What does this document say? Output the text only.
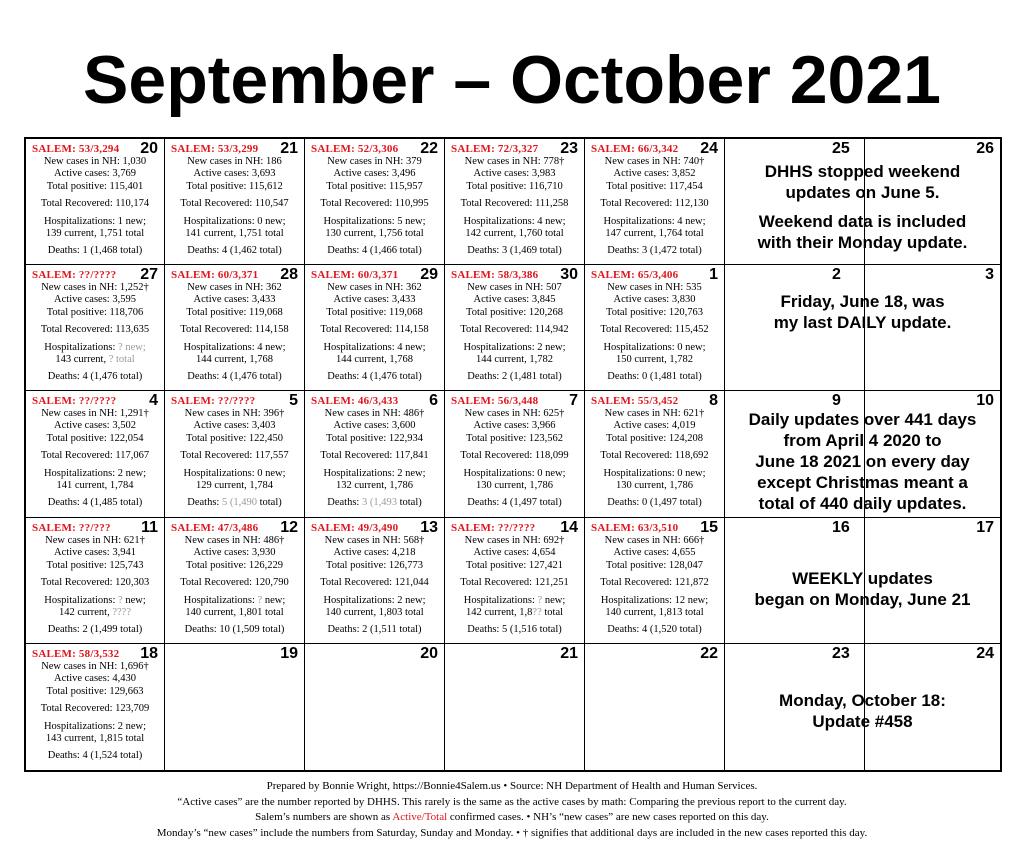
September – October 2021
SALEM: 53/3,294 20
New cases in NH: 1,030
Active cases: 3,769
Total positive: 115,401
Total Recovered: 110,174
Hospitalizations: 1 new;
139 current, 1,751 total
Deaths: 1 (1,468 total)
SALEM: 53/3,299 21
New cases in NH: 186
Active cases: 3,693
Total positive: 115,612
Total Recovered: 110,547
Hospitalizations: 0 new;
141 current, 1,751 total
Deaths: 4 (1,462 total)
SALEM: 52/3,306 22
New cases in NH: 379
Active cases: 3,496
Total positive: 115,957
Total Recovered: 110,995
Hospitalizations: 5 new;
130 current, 1,756 total
Deaths: 4 (1,466 total)
SALEM: 72/3,327 23
New cases in NH: 778†
Active cases: 3,983
Total positive: 116,710
Total Recovered: 111,258
Hospitalizations: 4 new;
142 current, 1,760 total
Deaths: 3 (1,469 total)
SALEM: 66/3,342 24
New cases in NH: 740†
Active cases: 3,852
Total positive: 117,454
Total Recovered: 112,130
Hospitalizations: 4 new;
147 current, 1,764 total
Deaths: 3 (1,472 total)
25	26
DHHS stopped weekend
updates on June 5.
Weekend data is included
with their Monday update.
SALEM: ??/???? 27
New cases in NH: 1,252†
Active cases: 3,595
Total positive: 118,706
Total Recovered: 113,635
Hospitalizations: ? new;
143 current, ? total
Deaths: 4 (1,476 total)
SALEM: 60/3,371 28
New cases in NH: 362
Active cases: 3,433
Total positive: 119,068
Total Recovered: 114,158
Hospitalizations: 4 new;
144 current, 1,768
Deaths: 4 (1,476 total)
SALEM: 60/3,371 29
New cases in NH: 362
Active cases: 3,433
Total positive: 119,068
Total Recovered: 114,158
Hospitalizations: 4 new;
144 current, 1,768
Deaths: 4 (1,476 total)
SALEM: 58/3,386 30
New cases in NH: 507
Active cases: 3,845
Total positive: 120,268
Total Recovered: 114,942
Hospitalizations: 2 new;
144 current, 1,782
Deaths: 2 (1,481 total)
SALEM: 65/3,406 1
New cases in NH: 535
Active cases: 3,830
Total positive: 120,763
Total Recovered: 115,452
Hospitalizations: 0 new;
150 current, 1,782
Deaths: 0 (1,481 total)
2	3
Friday, June 18, was
my last DAILY update.
SALEM: ??/???? 4
New cases in NH: 1,291†
Active cases: 3,502
Total positive: 122,054
Total Recovered: 117,067
Hospitalizations: 2 new;
141 current, 1,784
Deaths: 4 (1,485 total)
SALEM: ??/???? 5
New cases in NH: 396†
Active cases: 3,403
Total positive: 122,450
Total Recovered: 117,557
Hospitalizations: 0 new;
129 current, 1,784
Deaths: 5 (1,490 total)
SALEM: 46/3,433 6
New cases in NH: 486†
Active cases: 3,600
Total positive: 122,934
Total Recovered: 117,841
Hospitalizations: 2 new;
132 current, 1,786
Deaths: 3 (1,493 total)
SALEM: 56/3,448 7
New cases in NH: 625†
Active cases: 3,966
Total positive: 123,562
Total Recovered: 118,099
Hospitalizations: 0 new;
130 current, 1,786
Deaths: 4 (1,497 total)
SALEM: 55/3,452 8
New cases in NH: 621†
Active cases: 4,019
Total positive: 124,208
Total Recovered: 118,692
Hospitalizations: 0 new;
130 current, 1,786
Deaths: 0 (1,497 total)
9	10
Daily updates over 441 days
from April 4 2020 to
June 18 2021 on every day
except Christmas meant a
total of 440 daily updates.
SALEM: ??/??? 11
New cases in NH: 621†
Active cases: 3,941
Total positive: 125,743
Total Recovered: 120,303
Hospitalizations: ? new;
142 current, ????
Deaths: 2 (1,499 total)
SALEM: 47/3,486 12
New cases in NH: 486†
Active cases: 3,930
Total positive: 126,229
Total Recovered: 120,790
Hospitalizations: ? new;
140 current, 1,801 total
Deaths: 10 (1,509 total)
SALEM: 49/3,490 13
New cases in NH: 568†
Active cases: 4,218
Total positive: 126,773
Total Recovered: 121,044
Hospitalizations: 2 new;
140 current, 1,803 total
Deaths: 2 (1,511 total)
SALEM: ??/???? 14
New cases in NH: 692†
Active cases: 4,654
Total positive: 127,421
Total Recovered: 121,251
Hospitalizations: ? new;
142 current, 1,8?? total
Deaths: 5 (1,516 total)
SALEM: 63/3,510 15
New cases in NH: 666†
Active cases: 4,655
Total positive: 128,047
Total Recovered: 121,872
Hospitalizations: 12 new;
140 current, 1,813 total
Deaths: 4 (1,520 total)
16	17
WEEKLY updates
began on Monday, June 21
SALEM: 58/3,532 18
New cases in NH: 1,696†
Active cases: 4,430
Total positive: 129,663
Total Recovered: 123,709
Hospitalizations: 2 new;
143 current, 1,815 total
Deaths: 4 (1,524 total)
19	20	21	22	23	24
Monday, October 18:
Update #458
Prepared by Bonnie Wright, https://Bonnie4Salem.us • Source: NH Department of Health and Human Services.
“Active cases” are the number reported by DHHS. This rarely is the same as the active cases by math: Comparing the previous report to the current day.
Salem’s numbers are shown as Active/Total confirmed cases. • NH’s “new cases” are new cases reported on this day.
Monday’s “new cases” include the numbers from Saturday, Sunday and Monday. • † signifies that additional days are included in the new cases reported this day.
